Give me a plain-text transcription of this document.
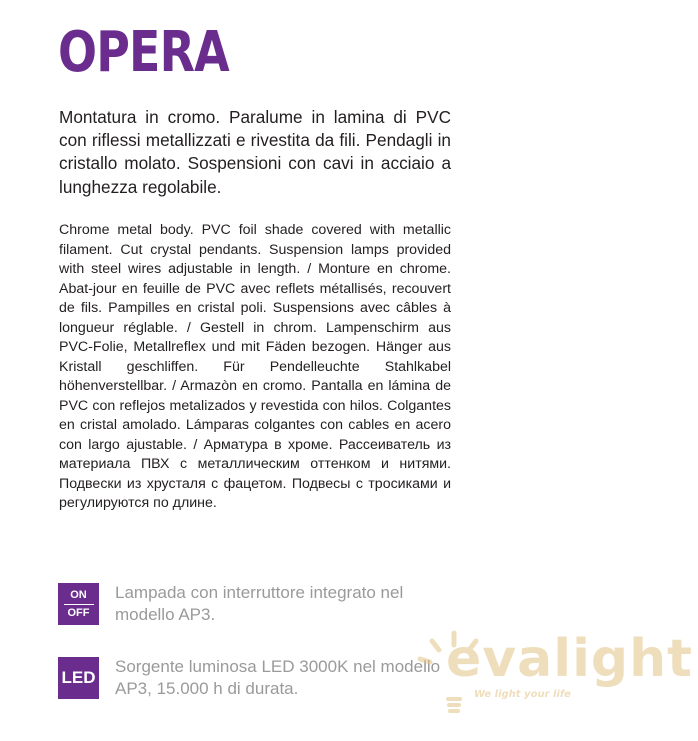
OPERA
Montatura in cromo. Paralume in lamina di PVC con riflessi metallizzati e rivestita da fili. Pendagli in cristallo molato. Sospensioni con cavi in acciaio a lunghezza regolabile.
Chrome metal body. PVC foil shade covered with metallic filament. Cut crystal pendants. Suspension lamps provided with steel wires adjustable in length. / Monture en chrome. Abat-jour en feuille de PVC avec reflets métallisés, recouvert de fils. Pampilles en cristal poli. Suspensions avec câbles à longueur réglable. / Gestell in chrom. Lampenschirm aus PVC-Folie, Metallreflex und mit Fäden bezogen. Hänger aus Kristall geschliffen. Für Pendelleuchte Stahlkabel höhenverstellbar. / Armazòn en cromo. Pantalla en lámina de PVC con reflejos metalizados y revestida con hilos. Colgantes en cristal amolado. Lámparas colgantes con cables en acero con largo ajustable. / Арматура в хроме. Рассеиватель из материала ПВХ с металлическим оттенком и нитями. Подвески из хрусталя с фацетом. Подвесы с тросиками и регулируются по длине.
ON
OFF
Lampada con interruttore integrato nel modello AP3.
LED
Sorgente luminosa LED 3000K nel modello AP3, 15.000 h di durata.	evalight
We light your life
